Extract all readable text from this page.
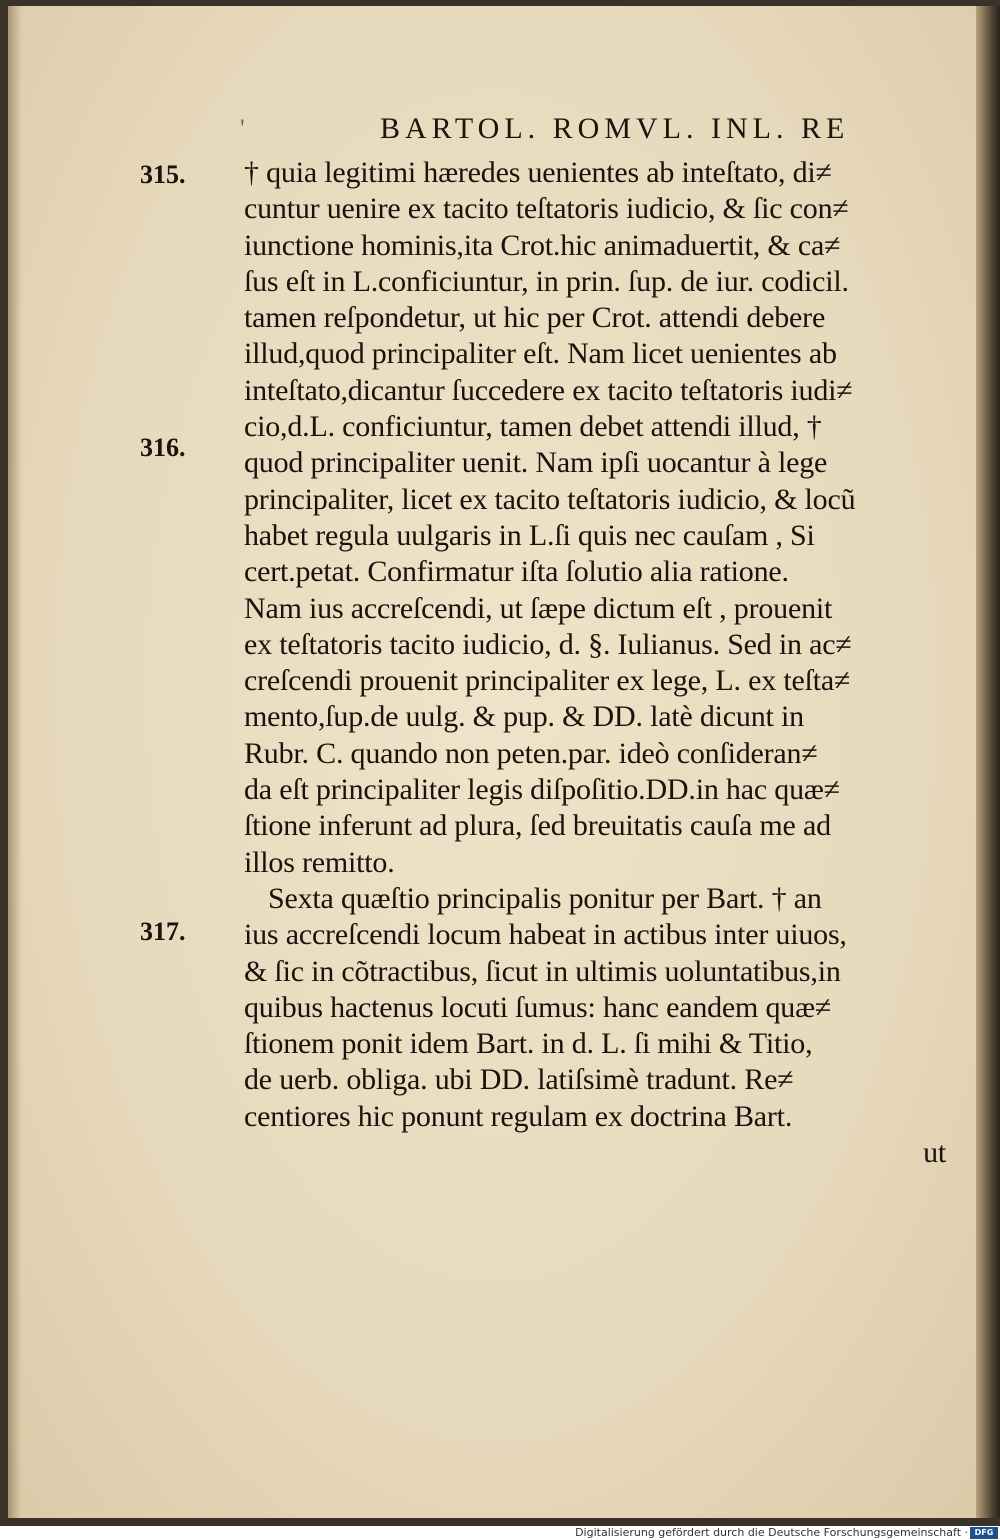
'	BARTOL. ROMVL. INL. RE
315.
316.
317.
† quia legitimi hæredes uenientes ab inteſtato, di≠
cuntur uenire ex tacito teſtatoris iudicio, & ſic con≠
iunctione hominis,ita Crot.hic animaduertit, & ca≠
ſus eſt in L.conficiuntur, in prin. ſup. de iur. codicil.
tamen reſpondetur, ut hic per Crot. attendi debere
illud,quod principaliter eſt. Nam licet uenientes ab
inteſtato,dicantur ſuccedere ex tacito teſtatoris iudi≠
cio,d.L. conficiuntur, tamen debet attendi illud, †
quod principaliter uenit. Nam ipſi uocantur à lege
principaliter, licet ex tacito teſtatoris iudicio, & locũ
habet regula uulgaris in L.ſi quis nec cauſam , Si
cert.petat. Confirmatur iſta ſolutio alia ratione.
Nam ius accreſcendi, ut ſæpe dictum eſt , prouenit
ex teſtatoris tacito iudicio, d. §. Iulianus. Sed in ac≠
creſcendi prouenit principaliter ex lege, L. ex teſta≠
mento,ſup.de uulg. & pup. & DD. latè dicunt in
Rubr. C. quando non peten.par. ideò conſideran≠
da eſt principaliter legis diſpoſitio.DD.in hac quæ≠
ſtione inferunt ad plura, ſed breuitatis cauſa me ad
illos remitto.
Sexta quæſtio principalis ponitur per Bart. † an
ius accreſcendi locum habeat in actibus inter uiuos,
& ſic in cõtractibus, ſicut in ultimis uoluntatibus,in
quibus hactenus locuti ſumus: hanc eandem quæ≠
ſtionem ponit idem Bart. in d. L. ſi mihi & Titio,
de uerb. obliga. ubi DD. latiſsimè tradunt. Re≠
centiores hic ponunt regulam ex doctrina Bart.
ut
Digitalisierung gefördert durch die Deutsche Forschungsgemeinschaft · DFG
